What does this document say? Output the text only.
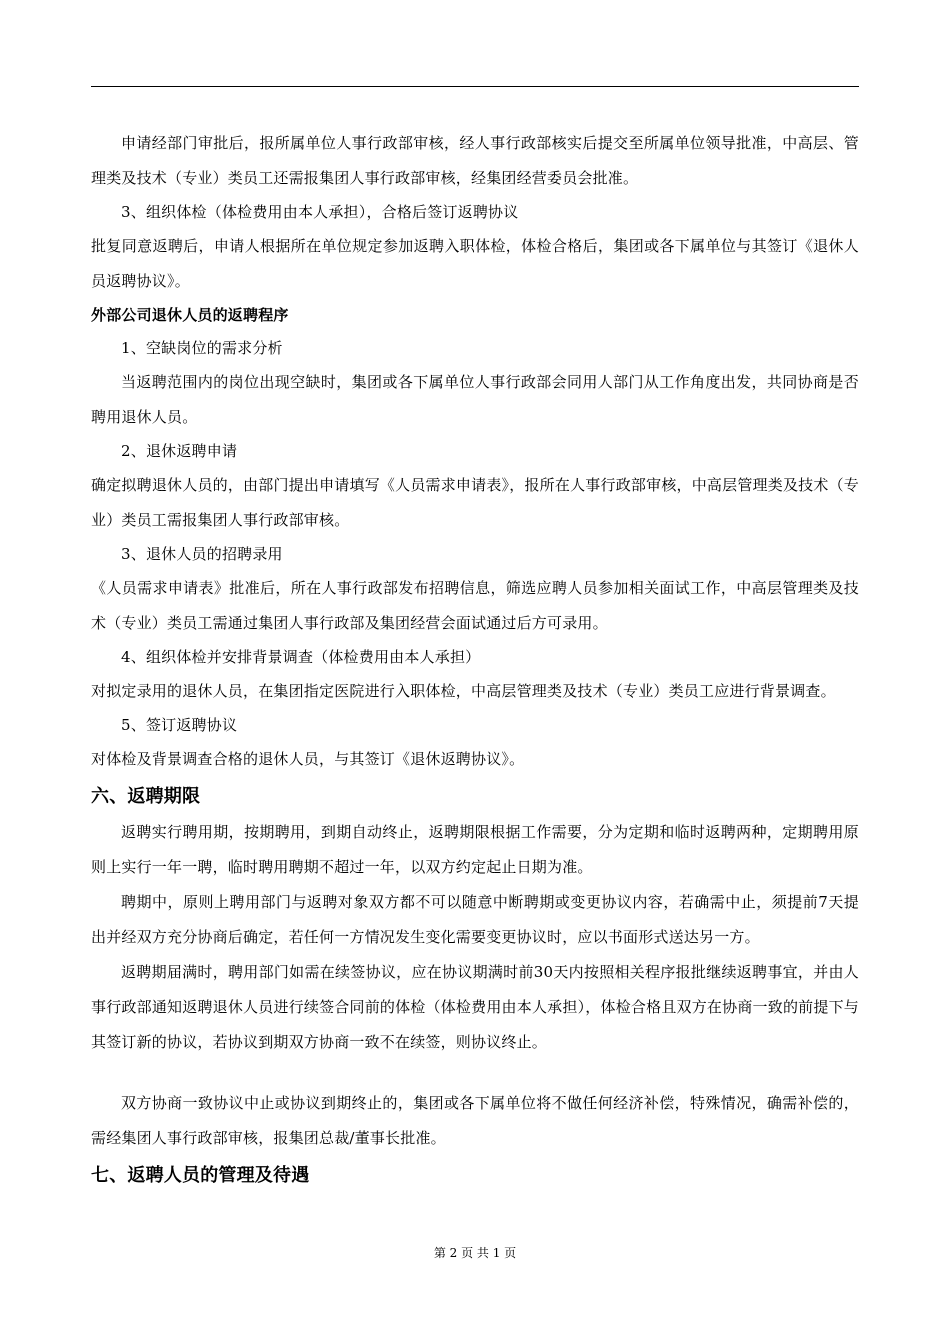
申请经部门审批后，报所属单位人事行政部审核，经人事行政部核实后提交至所属单位领导批准，中高层、管理类及技术（专业）类员工还需报集团人事行政部审核，经集团经营委员会批准。

3、组织体检（体检费用由本人承担），合格后签订返聘协议

批复同意返聘后，申请人根据所在单位规定参加返聘入职体检，体检合格后，集团或各下属单位与其签订《退休人员返聘协议》。

外部公司退休人员的返聘程序

1、空缺岗位的需求分析

当返聘范围内的岗位出现空缺时，集团或各下属单位人事行政部会同用人部门从工作角度出发，共同协商是否聘用退休人员。

2、退休返聘申请

确定拟聘退休人员的，由部门提出申请填写《人员需求申请表》，报所在人事行政部审核，中高层管理类及技术（专业）类员工需报集团人事行政部审核。

3、退休人员的招聘录用

《人员需求申请表》批准后，所在人事行政部发布招聘信息，筛选应聘人员参加相关面试工作，中高层管理类及技术（专业）类员工需通过集团人事行政部及集团经营会面试通过后方可录用。

4、组织体检并安排背景调查（体检费用由本人承担）

对拟定录用的退休人员，在集团指定医院进行入职体检，中高层管理类及技术（专业）类员工应进行背景调查。

5、签订返聘协议

对体检及背景调查合格的退休人员，与其签订《退休返聘协议》。

六、返聘期限

返聘实行聘用期，按期聘用，到期自动终止，返聘期限根据工作需要，分为定期和临时返聘两种，定期聘用原则上实行一年一聘，临时聘用聘期不超过一年，以双方约定起止日期为准。

聘期中，原则上聘用部门与返聘对象双方都不可以随意中断聘期或变更协议内容，若确需中止，须提前7天提出并经双方充分协商后确定，若任何一方情况发生变化需要变更协议时，应以书面形式送达另一方。

返聘期届满时，聘用部门如需在续签协议，应在协议期满时前30天内按照相关程序报批继续返聘事宜，并由人事行政部通知返聘退休人员进行续签合同前的体检（体检费用由本人承担），体检合格且双方在协商一致的前提下与其签订新的协议，若协议到期双方协商一致不在续签，则协议终止。

双方协商一致协议中止或协议到期终止的，集团或各下属单位将不做任何经济补偿，特殊情况，确需补偿的，需经集团人事行政部审核，报集团总裁/董事长批准。

七、返聘人员的管理及待遇

第 2 页 共 1 页
